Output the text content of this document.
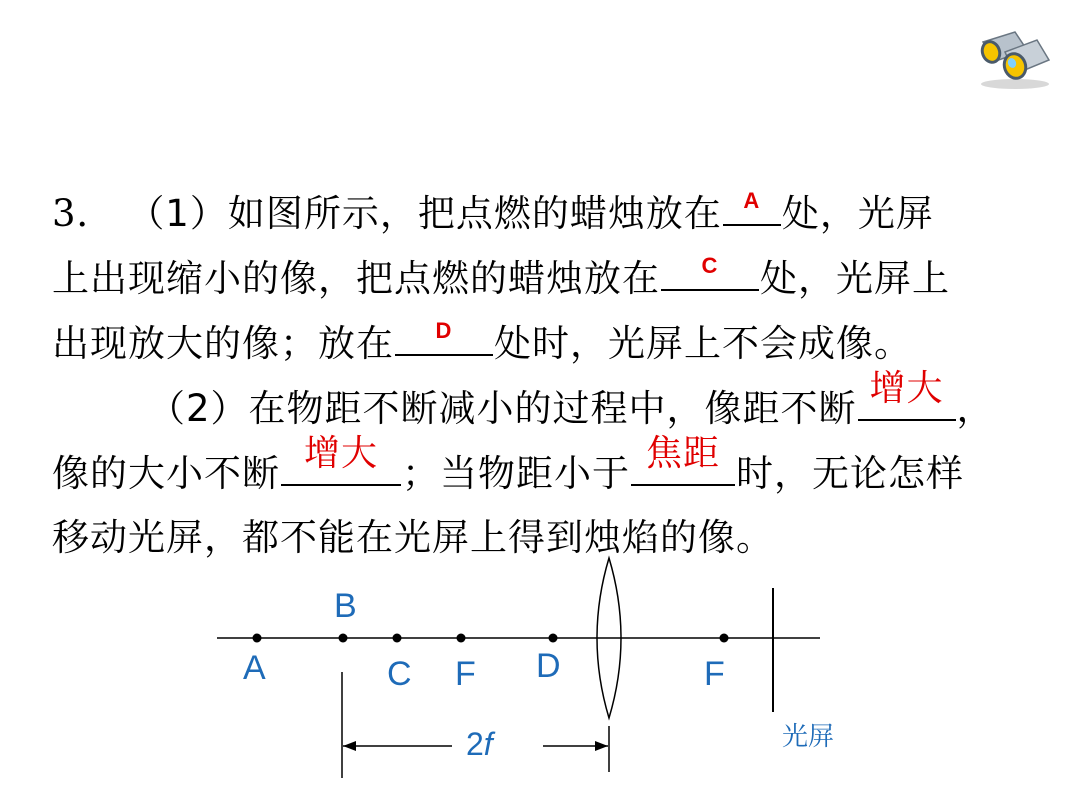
3． （1）如图所示，把点燃的蜡烛放在 A 处，光屏
上出现缩小的像，把点燃的蜡烛放在	C	处，光屏上
出现放大的像；放在	D	处时，光屏上不会成像。
（2）在物距不断减小的过程中，像距不断 增大 ，
像的大小不断 增大 ；当物距小于 焦距 时，无论怎样
移动光屏，都不能在光屏上得到烛焰的像。
A
B
C F D	F
2f	光屏
